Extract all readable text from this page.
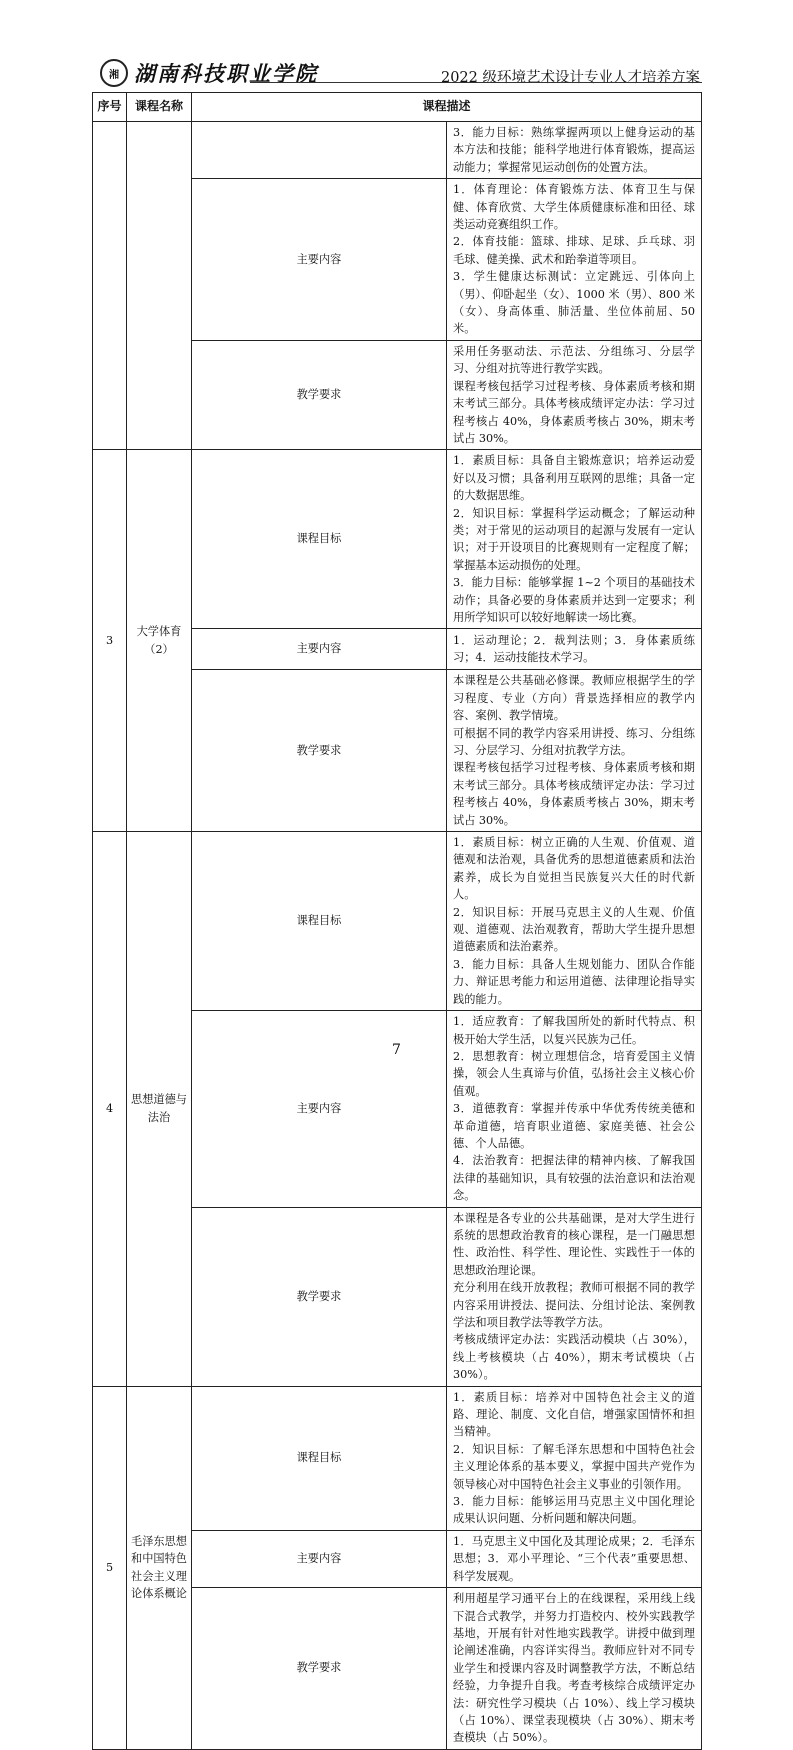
湘 湖南科技职业学院	2022 级环境艺术设计专业人才培养方案
序号	课程名称	课程描述	

			3．能力目标：熟练掌握两项以上健身运动的基本方法和技能；能科学地进行体育锻炼，提高运动能力；掌握常见运动创伤的处置方法。

		主要内容	1．体育理论：体育锻炼方法、体育卫生与保健、体育欣赏、大学生体质健康标准和田径、球类运动竞赛组织工作。
2．体育技能：篮球、排球、足球、乒乓球、羽毛球、健美操、武术和跆拳道等项目。
3．学生健康达标测试：立定跳远、引体向上（男）、仰卧起坐（女）、1000 米（男）、800 米（女）、身高体重、肺活量、坐位体前屈、50 米。

		教学要求	采用任务驱动法、示范法、分组练习、分层学习、分组对抗等进行教学实践。
课程考核包括学习过程考核、身体素质考核和期末考试三部分。具体考核成绩评定办法：学习过程考核占 40%，身体素质考核占 30%，期末考试占 30%。

3	大学体育（2）	课程目标	1．素质目标：具备自主锻炼意识；培养运动爱好以及习惯；具备利用互联网的思维；具备一定的大数据思维。
2．知识目标：掌握科学运动概念；了解运动种类；对于常见的运动项目的起源与发展有一定认识；对于开设项目的比赛规则有一定程度了解；掌握基本运动损伤的处理。
3．能力目标：能够掌握 1~2 个项目的基础技术动作；具备必要的身体素质并达到一定要求；利用所学知识可以较好地解读一场比赛。

		主要内容	1．运动理论；2．裁判法则；3．身体素质练习；4．运动技能技术学习。

		教学要求	本课程是公共基础必修课。教师应根据学生的学习程度、专业（方向）背景选择相应的教学内容、案例、教学情境。
可根据不同的教学内容采用讲授、练习、分组练习、分层学习、分组对抗教学方法。
课程考核包括学习过程考核、身体素质考核和期末考试三部分。具体考核成绩评定办法：学习过程考核占 40%，身体素质考核占 30%，期末考试占 30%。

4	思想道德与法治	课程目标	1．素质目标：树立正确的人生观、价值观、道德观和法治观，具备优秀的思想道德素质和法治素养，成长为自觉担当民族复兴大任的时代新人。
2．知识目标：开展马克思主义的人生观、价值观、道德观、法治观教育，帮助大学生提升思想道德素质和法治素养。
3．能力目标：具备人生规划能力、团队合作能力、辩证思考能力和运用道德、法律理论指导实践的能力。

		主要内容	1．适应教育：了解我国所处的新时代特点、积极开始大学生活，以复兴民族为己任。
2．思想教育：树立理想信念，培育爱国主义情操，领会人生真谛与价值，弘扬社会主义核心价值观。
3．道德教育：掌握并传承中华优秀传统美德和革命道德，培育职业道德、家庭美德、社会公德、个人品德。
4．法治教育：把握法律的精神内核、了解我国法律的基础知识，具有较强的法治意识和法治观念。

		教学要求	本课程是各专业的公共基础课，是对大学生进行系统的思想政治教育的核心课程，是一门融思想性、政治性、科学性、理论性、实践性于一体的思想政治理论课。
充分利用在线开放教程；教师可根据不同的教学内容采用讲授法、提问法、分组讨论法、案例教学法和项目教学法等教学方法。
考核成绩评定办法：实践活动模块（占 30%），线上考核模块（占 40%），期末考试模块（占 30%）。

5	毛泽东思想和中国特色社会主义理论体系概论	课程目标	1．素质目标：培养对中国特色社会主义的道路、理论、制度、文化自信，增强家国情怀和担当精神。
2．知识目标：了解毛泽东思想和中国特色社会主义理论体系的基本要义，掌握中国共产党作为领导核心对中国特色社会主义事业的引领作用。
3．能力目标：能够运用马克思主义中国化理论成果认识问题、分析问题和解决问题。

		主要内容	1．马克思主义中国化及其理论成果；2．毛泽东思想；3．邓小平理论、“三个代表”重要思想、科学发展观。

		教学要求	利用超星学习通平台上的在线课程，采用线上线下混合式教学，并努力打造校内、校外实践教学基地，开展有针对性地实践教学。讲授中做到理论阐述准确，内容详实得当。教师应针对不同专业学生和授课内容及时调整教学方法，不断总结经验，力争提升自我。考查考核综合成绩评定办法：研究性学习模块（占 10%）、线上学习模块（占 10%）、课堂表现模块（占 30%）、期末考查模块（占 50%）。
7
